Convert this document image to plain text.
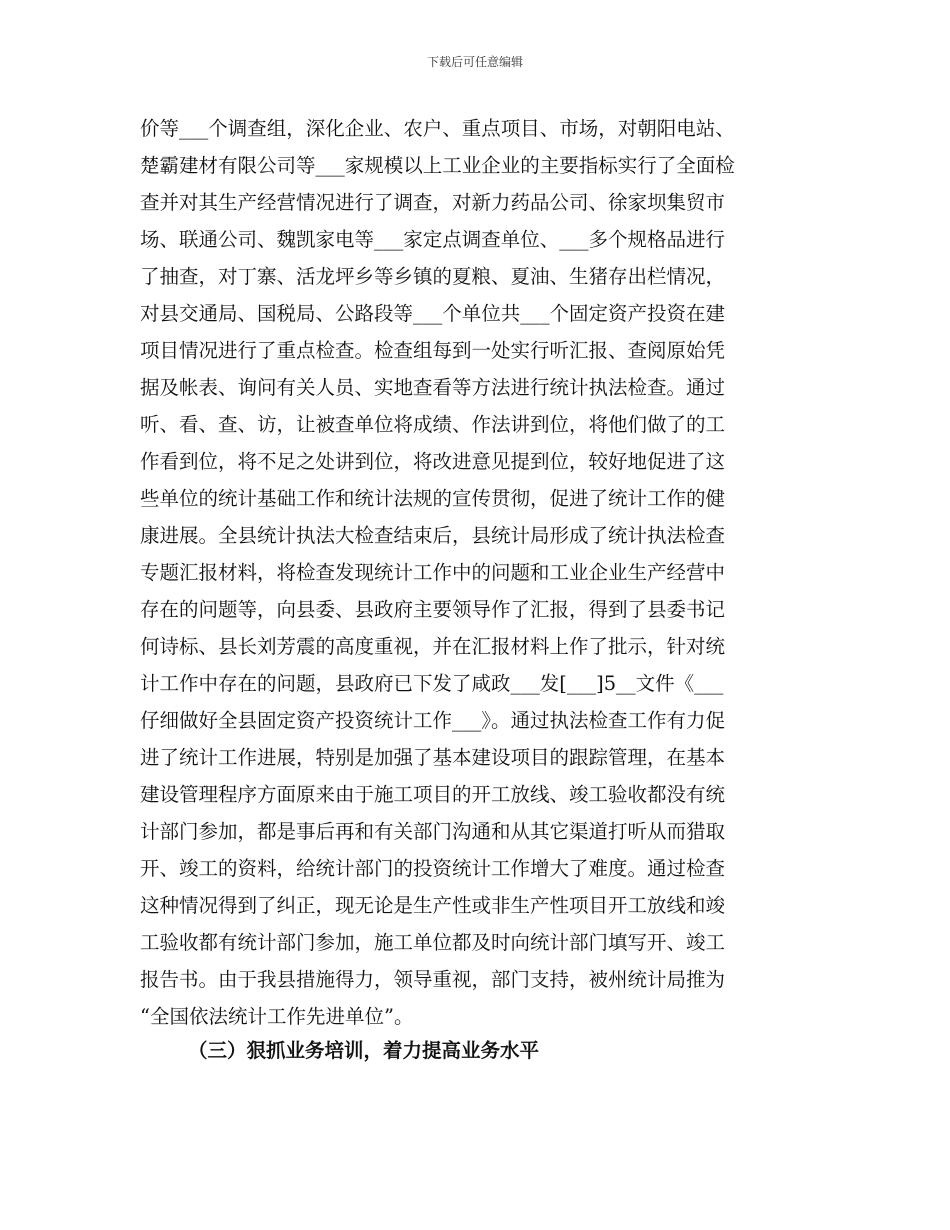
下载后可任意编辑
价等___个调查组，深化企业、农户、重点项目、市场，对朝阳电站、
楚霸建材有限公司等___家规模以上工业企业的主要指标实行了全面检
查并对其生产经营情况进行了调查，对新力药品公司、徐家坝集贸市
场、联通公司、魏凯家电等___家定点调查单位、___多个规格品进行
了抽查，对丁寨、活龙坪乡等乡镇的夏粮、夏油、生猪存出栏情况，
对县交通局、国税局、公路段等___个单位共___个固定资产投资在建
项目情况进行了重点检查。检查组每到一处实行听汇报、查阅原始凭
据及帐表、询问有关人员、实地查看等方法进行统计执法检查。通过
听、看、查、访，让被查单位将成绩、作法讲到位，将他们做了的工
作看到位，将不足之处讲到位，将改进意见提到位，较好地促进了这
些单位的统计基础工作和统计法规的宣传贯彻，促进了统计工作的健
康进展。全县统计执法大检查结束后，县统计局形成了统计执法检查
专题汇报材料，将检查发现统计工作中的问题和工业企业生产经营中
存在的问题等，向县委、县政府主要领导作了汇报，得到了县委书记
何诗标、县长刘芳震的高度重视，并在汇报材料上作了批示，针对统
计工作中存在的问题，县政府已下发了咸政___发[___]5__文件《___
仔细做好全县固定资产投资统计工作___》。通过执法检查工作有力促
进了统计工作进展，特别是加强了基本建设项目的跟踪管理，在基本
建设管理程序方面原来由于施工项目的开工放线、竣工验收都没有统
计部门参加，都是事后再和有关部门沟通和从其它渠道打听从而猎取
开、竣工的资料，给统计部门的投资统计工作增大了难度。通过检查
这种情况得到了纠正，现无论是生产性或非生产性项目开工放线和竣
工验收都有统计部门参加，施工单位都及时向统计部门填写开、竣工
报告书。由于我县措施得力，领导重视，部门支持，被州统计局推为
“全国依法统计工作先进单位”。
（三）狠抓业务培训，着力提高业务水平
